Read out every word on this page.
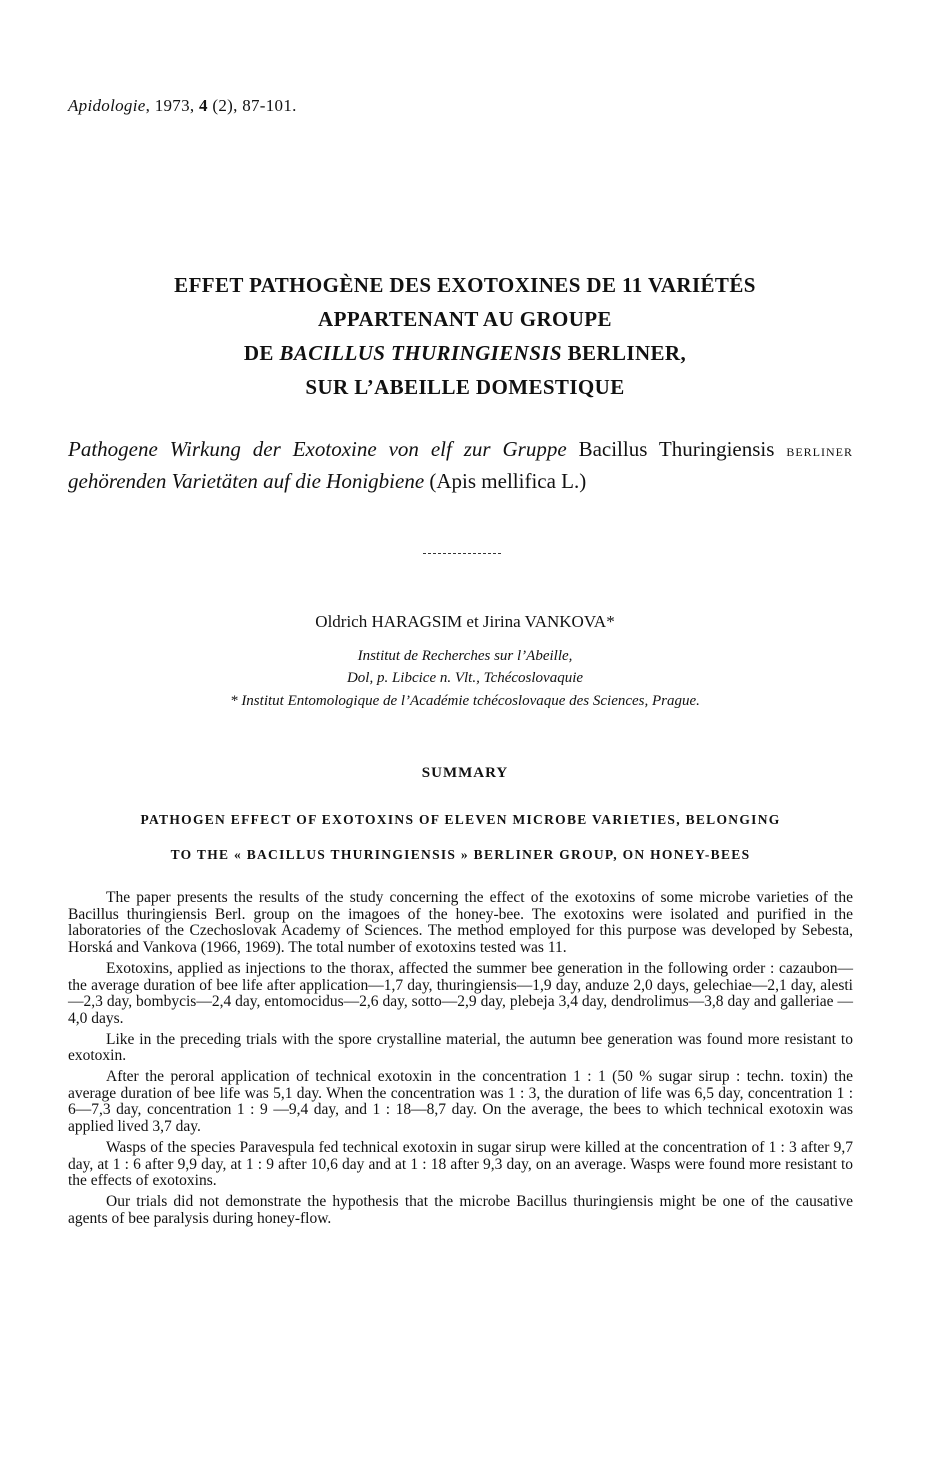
Apidologie, 1973, 4 (2), 87-101.
EFFET PATHOGÈNE DES EXOTOXINES DE 11 VARIÉTÉS
APPARTENANT AU GROUPE
DE BACILLUS THURINGIENSIS BERLINER,
SUR L’ABEILLE DOMESTIQUE
Pathogene Wirkung der Exotoxine von elf zur Gruppe Bacillus Thuringiensis berliner gehörenden Varietäten auf die Honigbiene (Apis mellifica L.)
Oldrich HARAGSIM et Jirina VANKOVA*
Institut de Recherches sur l’Abeille,
Dol, p. Libcice n. Vlt., Tchécoslovaquie
* Institut Entomologique de l’Académie tchécoslovaque des Sciences, Prague.
SUMMARY
PATHOGEN EFFECT OF EXOTOXINS OF ELEVEN MICROBE VARIETIES, BELONGING
TO THE « BACILLUS THURINGIENSIS » BERLINER GROUP, ON HONEY-BEES

The paper presents the results of the study concerning the effect of the exotoxins of some microbe varieties of the Bacillus thuringiensis Berl. group on the imagoes of the honey-bee. The exotoxins were isolated and purified in the laboratories of the Czechoslovak Academy of Sciences. The method employed for this purpose was developed by Sebesta, Horská and Vankova (1966, 1969). The total number of exotoxins tested was 11.

Exotoxins, applied as injections to the thorax, affected the summer bee generation in the following order : cazaubon—the average duration of bee life after application—1,7 day, thuringiensis—1,9 day, anduze 2,0 days, gelechiae—2,1 day, alesti—2,3 day, bombycis—2,4 day, entomocidus—2,6 day, sotto—2,9 day, plebeja 3,4 day, dendrolimus—3,8 day and galleriae —4,0 days.

Like in the preceding trials with the spore crystalline material, the autumn bee generation was found more resistant to exotoxin.

After the peroral application of technical exotoxin in the concentration 1 : 1 (50 % sugar sirup : techn. toxin) the average duration of bee life was 5,1 day. When the concentration was 1 : 3, the duration of life was 6,5 day, concentration 1 : 6—7,3 day, concentration 1 : 9 —9,4 day, and 1 : 18—8,7 day. On the average, the bees to which technical exotoxin was applied lived 3,7 day.

Wasps of the species Paravespula fed technical exotoxin in sugar sirup were killed at the concentration of 1 : 3 after 9,7 day, at 1 : 6 after 9,9 day, at 1 : 9 after 10,6 day and at 1 : 18 after 9,3 day, on an average. Wasps were found more resistant to the effects of exotoxins.

Our trials did not demonstrate the hypothesis that the microbe Bacillus thuringiensis might be one of the causative agents of bee paralysis during honey-flow.
